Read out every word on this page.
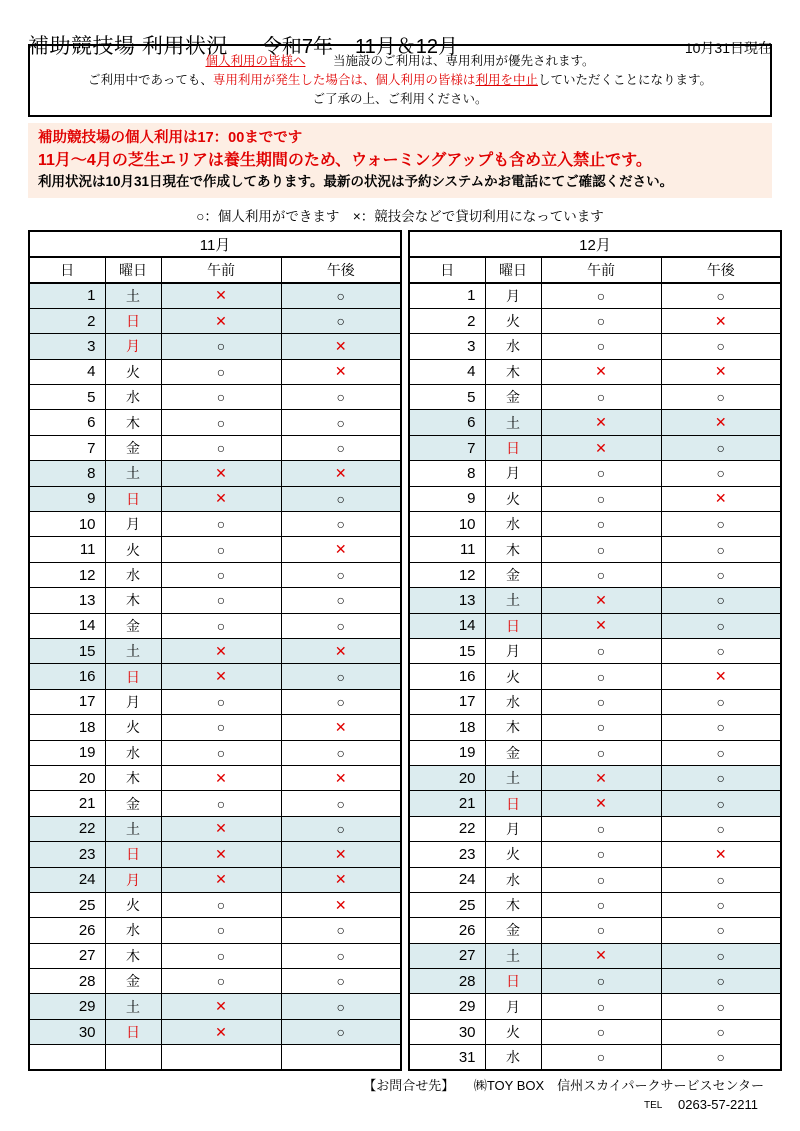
補助競技場 利用状況 令和7年 11月＆12月	10月31日現在
個人利用の皆様へ 当施設のご利用は、専用利用が優先されます。
ご利用中であっても、専用利用が発生した場合は、個人利用の皆様は利用を中止していただくことになります。
ご了承の上、ご利用ください。
補助競技場の個人利用は17：00までです
11月～4月の芝生エリアは養生期間のため、ウォーミングアップも含め立入禁止です。
利用状況は10月31日現在で作成してあります。最新の状況は予約システムかお電話にてご確認ください。
○：個人利用ができます　×：競技会などで貸切利用になっています
11月			
日	曜日	午前	午後
1	土	✕	○
2	日	✕	○
3	月	○	✕
4	火	○	✕
5	水	○	○
6	木	○	○
7	金	○	○
8	土	✕	✕
9	日	✕	○
10	月	○	○
11	火	○	✕
12	水	○	○
13	木	○	○
14	金	○	○
15	土	✕	✕
16	日	✕	○
17	月	○	○
18	火	○	✕
19	水	○	○
20	木	✕	✕
21	金	○	○
22	土	✕	○
23	日	✕	✕
24	月	✕	✕
25	火	○	✕
26	水	○	○
27	木	○	○
28	金	○	○
29	土	✕	○
30	日	✕	○

12月			
日	曜日	午前	午後
1	月	○	○
2	火	○	✕
3	水	○	○
4	木	✕	✕
5	金	○	○
6	土	✕	✕
7	日	✕	○
8	月	○	○
9	火	○	✕
10	水	○	○
11	木	○	○
12	金	○	○
13	土	✕	○
14	日	✕	○
15	月	○	○
16	火	○	✕
17	水	○	○
18	木	○	○
19	金	○	○
20	土	✕	○
21	日	✕	○
22	月	○	○
23	火	○	✕
24	水	○	○
25	木	○	○
26	金	○	○
27	土	✕	○
28	日	○	○
29	月	○	○
30	火	○	○
31	水	○	○
【お問合せ先】 ㈱TOY BOX　信州スカイパークサービスセンター
TEL 0263-57-2211
